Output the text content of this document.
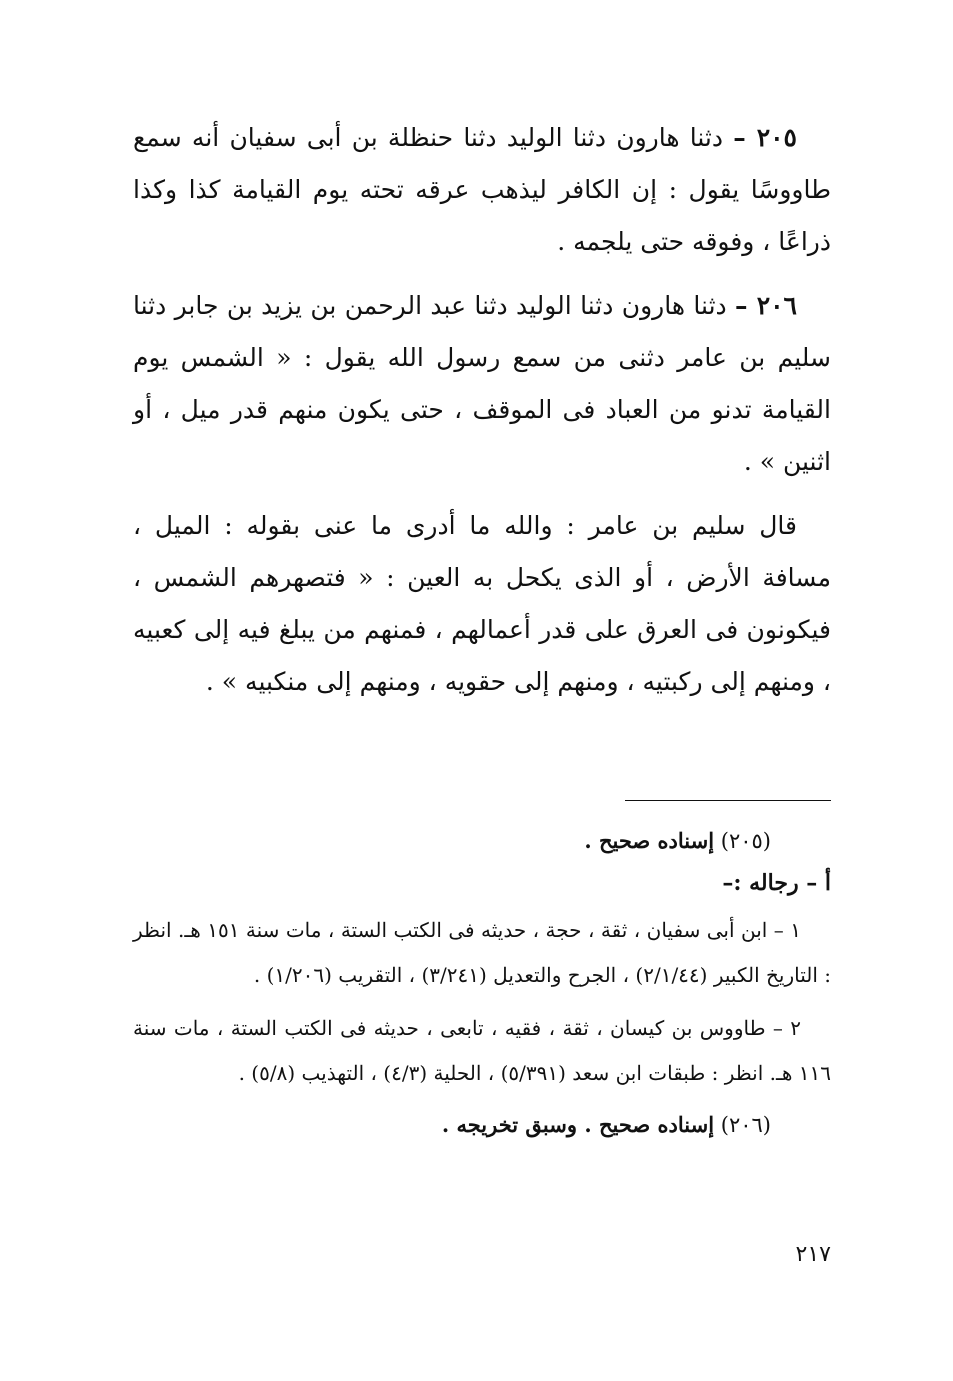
٢٠٥ – دثنا هارون دثنا الوليد دثنا حنظلة بن أبى سفيان أنه سمع طاووسًا يقول : إن الكافر ليذهب عرقه تحته يوم القيامة كذا وكذا ذراعًا ، وفوقه حتى يلجمه .

٢٠٦ – دثنا هارون دثنا الوليد دثنا عبد الرحمن بن يزيد بن جابر دثنا سليم بن عامر دثنى من سمع رسول الله يقول : « الشمس يوم القيامة تدنو من العباد فى الموقف ، حتى يكون منهم قدر ميل ، أو اثنين » .

قال سليم بن عامر : والله ما أدرى ما عنى بقوله : الميل ، مسافة الأرض ، أو الذى يكحل به العين : « فتصهرهم الشمس ، فيكونون فى العرق على قدر أعمالهم ، فمنهم من يبلغ فيه إلى كعبيه ، ومنهم إلى ركبتيه ، ومنهم إلى حقويه ، ومنهم إلى منكبيه » .

(٢٠٥) إسناده صحيح .

أ – رجاله :–

١ – ابن أبى سفيان ، ثقة ، حجة ، حديثه فى الكتب الستة ، مات سنة ١٥١ هـ. انظر : التاريخ الكبير (٢/١/٤٤) ، الجرح والتعديل (٣/٢٤١) ، التقريب (١/٢٠٦) .

٢ – طاووس بن كيسان ، ثقة ، فقيه ، تابعى ، حديثه فى الكتب الستة ، مات سنة ١١٦ هـ. انظر : طبقات ابن سعد (٥/٣٩١) ، الحلية (٤/٣) ، التهذيب (٥/٨) .

(٢٠٦) إسناده صحيح . وسبق تخريجه .

٢١٧
